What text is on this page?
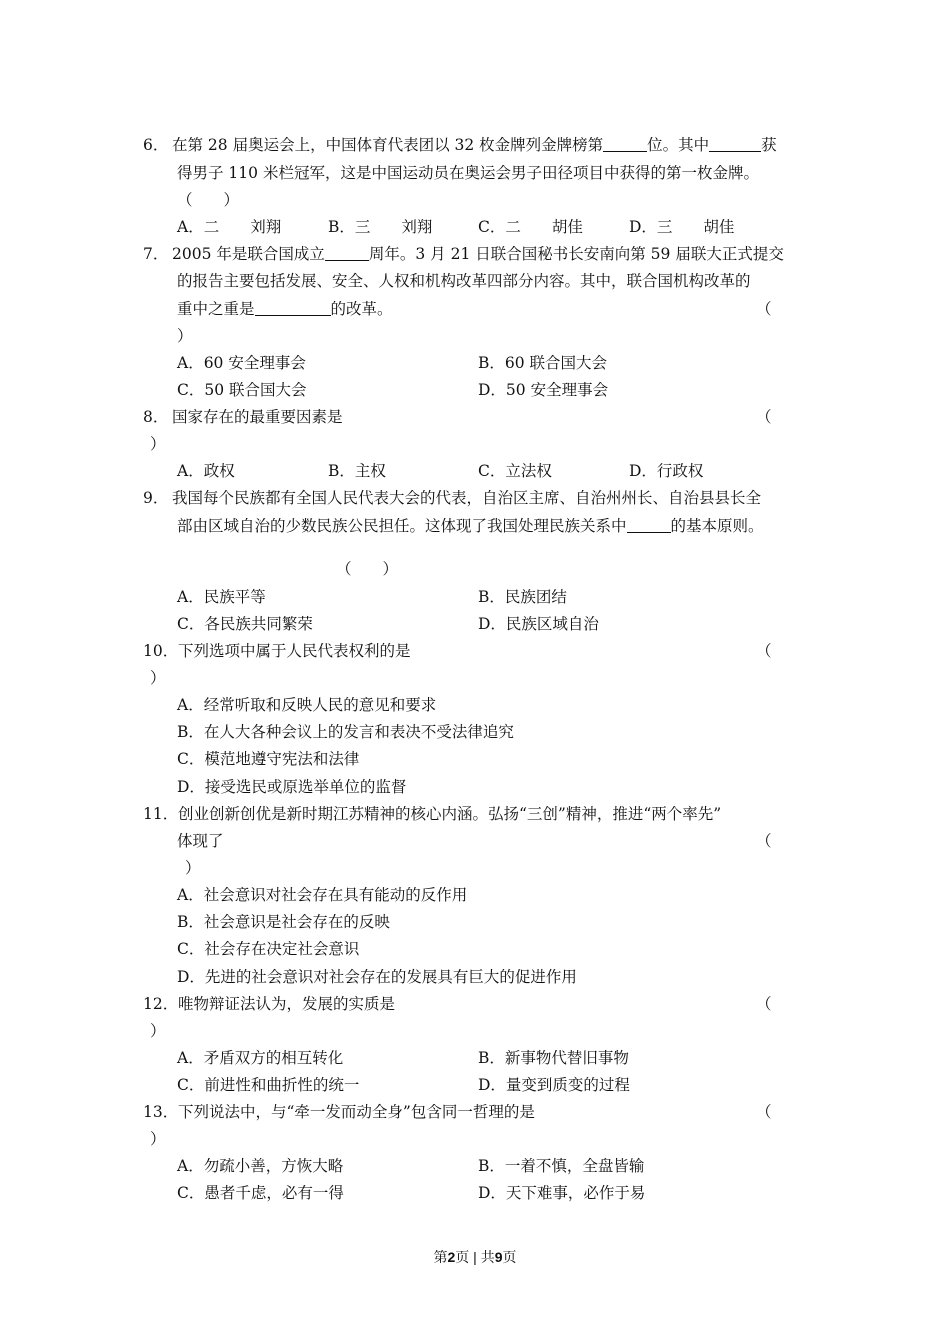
6． 在第 28 届奥运会上，中国体育代表团以 32 枚金牌列金牌榜第	位。其中	获
得男子 110 米栏冠军，这是中国运动员在奥运会男子田径项目中获得的第一枚金牌。
（　　）
A．二　　刘翔	B．三　　刘翔	C．二　　胡佳	D．三　　胡佳
7． 2005 年是联合国成立	周年。3 月 21 日联合国秘书长安南向第 59 届联大正式提交
的报告主要包括发展、安全、人权和机构改革四部分内容。其中，联合国机构改革的
重中之重是	的改革。	（
）
A．60 安全理事会	B．60 联合国大会
C．50 联合国大会	D．50 安全理事会
8． 国家存在的最重要因素是	（
）
A．政权	B．主权	C．立法权	D．行政权
9． 我国每个民族都有全国人民代表大会的代表，自治区主席、自治州州长、自治县县长全
部由区域自治的少数民族公民担任。这体现了我国处理民族关系中	的基本原则。
（　　）
A．民族平等	B．民族团结
C．各民族共同繁荣	D．民族区域自治
10． 下列选项中属于人民代表权利的是	（
）
A．经常听取和反映人民的意见和要求
B．在人大各种会议上的发言和表决不受法律追究
C．模范地遵守宪法和法律
D．接受选民或原选举单位的监督
11． 创业创新创优是新时期江苏精神的核心内涵。弘扬“三创”精神，推进“两个率先”
体现了	（
）
A．社会意识对社会存在具有能动的反作用
B．社会意识是社会存在的反映
C．社会存在决定社会意识
D．先进的社会意识对社会存在的发展具有巨大的促进作用
12． 唯物辩证法认为，发展的实质是	（
）
A．矛盾双方的相互转化	B．新事物代替旧事物
C．前进性和曲折性的统一	D．量变到质变的过程
13． 下列说法中，与“牵一发而动全身”包含同一哲理的是	（
）
A．勿疏小善，方恢大略	B．一着不慎，全盘皆输
C．愚者千虑，必有一得	D．天下难事，必作于易
第2页 | 共9页
